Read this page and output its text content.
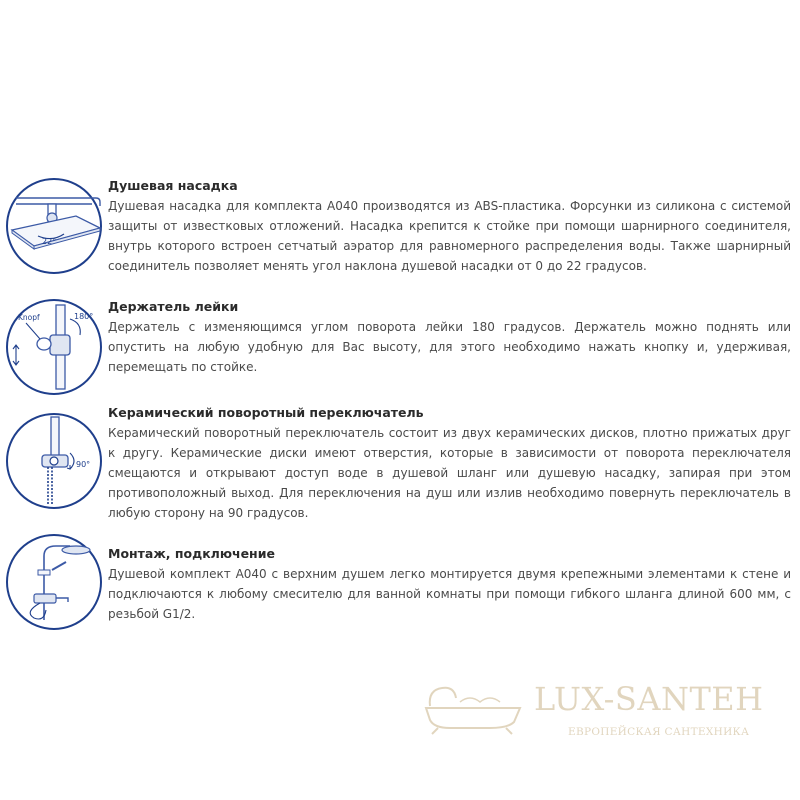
22°
Душевая насадка
Душевая насадка для комплекта A040 производятся из ABS-пластика. Форсунки из силикона с системой защиты от известковых отложений. Насадка крепится к стойке при помощи шарнирного соединителя, внутрь которого встроен сетчатый аэратор для равномерного распределения воды. Также шарнирный соединитель позволяет менять угол наклона душевой насадки от 0 до 22 градусов.
Knopf	180°
Держатель лейки
Держатель с изменяющимся углом поворота лейки 180 градусов. Держатель можно поднять или опустить на любую удобную для Вас высоту, для этого необходимо нажать кнопку и, удерживая, перемещать по стойке.
90°
Керамический поворотный переключатель
Керамический поворотный переключатель состоит из двух керамических дисков, плотно прижатых друг к другу. Керамические диски имеют отверстия, которые в зависимости от поворота переключателя смещаются и открывают доступ воде в душевой шланг или душевую насадку, запирая при этом противоположный выход. Для переключения на душ или излив необходимо повернуть переключатель в любую сторону на 90 градусов.
Монтаж, подключение
Душевой комплект A040 с верхним душем легко монтируется двумя крепежными элементами к стене и подключаются к любому смесителю для ванной комнаты при помощи гибкого шланга длиной 600 мм, с резьбой G1/2.
LUX-SANTEH
ЕВРОПЕЙСКАЯ САНТЕХНИКА
